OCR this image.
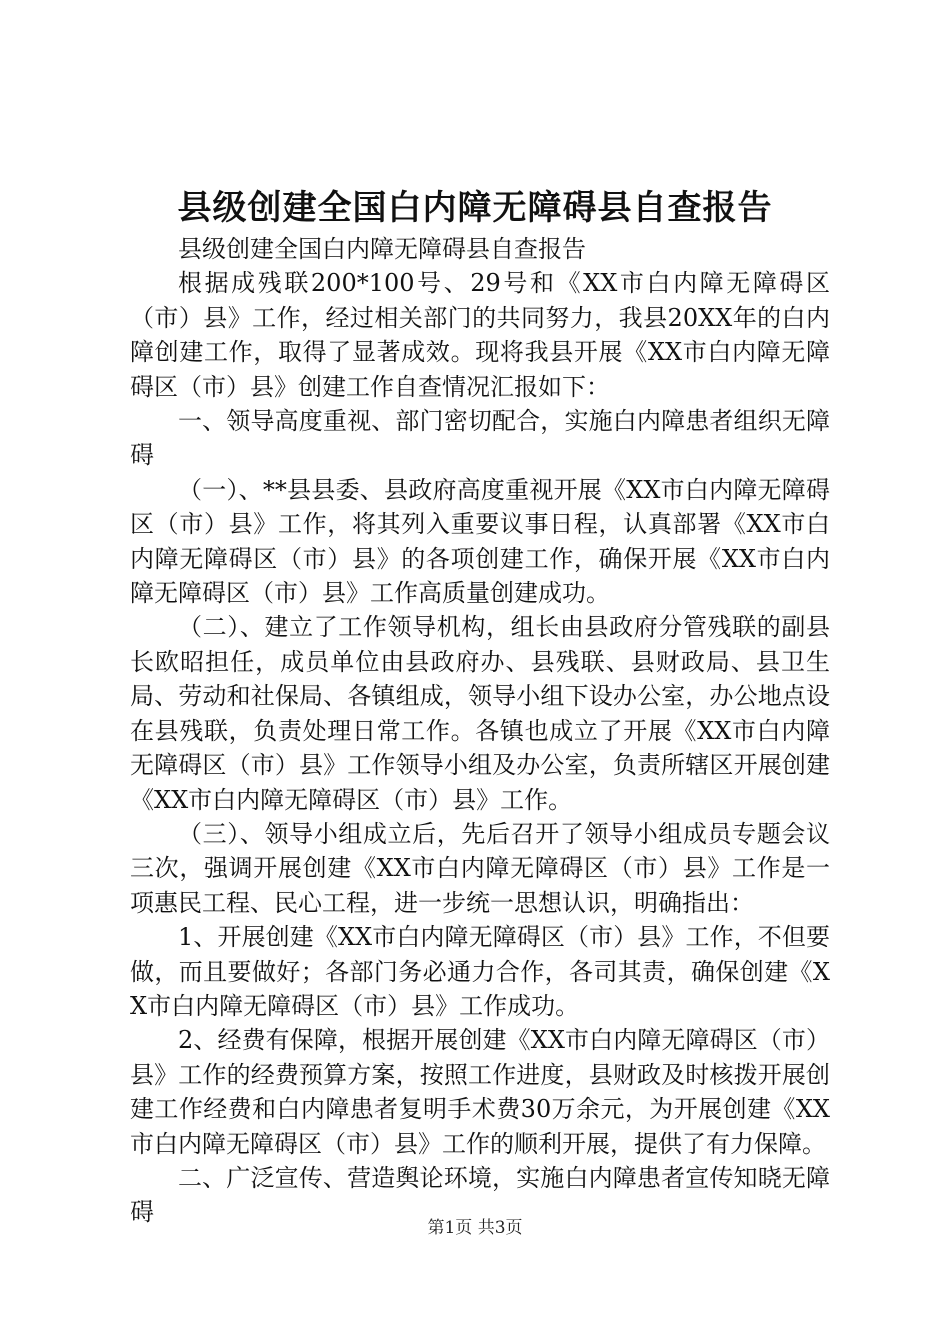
县级创建全国白内障无障碍县自查报告

县级创建全国白内障无障碍县自查报告

根据成残联200*100号、29号和《XX市白内障无障碍区（市）县》工作，经过相关部门的共同努力，我县20XX年的白内障创建工作，取得了显著成效。现将我县开展《XX市白内障无障碍区（市）县》创建工作自查情况汇报如下：

一、领导高度重视、部门密切配合，实施白内障患者组织无障碍

（一）、**县县委、县政府高度重视开展《XX市白内障无障碍区（市）县》工作，将其列入重要议事日程，认真部署《XX市白内障无障碍区（市）县》的各项创建工作，确保开展《XX市白内障无障碍区（市）县》工作高质量创建成功。

（二）、建立了工作领导机构，组长由县政府分管残联的副县长欧昭担任，成员单位由县政府办、县残联、县财政局、县卫生局、劳动和社保局、各镇组成，领导小组下设办公室，办公地点设在县残联，负责处理日常工作。各镇也成立了开展《XX市白内障无障碍区（市）县》工作领导小组及办公室，负责所辖区开展创建《XX市白内障无障碍区（市）县》工作。

（三）、领导小组成立后，先后召开了领导小组成员专题会议三次，强调开展创建《XX市白内障无障碍区（市）县》工作是一项惠民工程、民心工程，进一步统一思想认识，明确指出：

1、开展创建《XX市白内障无障碍区（市）县》工作，不但要做，而且要做好；各部门务必通力合作，各司其责，确保创建《XX市白内障无障碍区（市）县》工作成功。

2、经费有保障，根据开展创建《XX市白内障无障碍区（市）县》工作的经费预算方案，按照工作进度，县财政及时核拨开展创建工作经费和白内障患者复明手术费30万余元，为开展创建《XX市白内障无障碍区（市）县》工作的顺利开展，提供了有力保障。

二、广泛宣传、营造舆论环境，实施白内障患者宣传知晓无障碍

第1页 共3页
